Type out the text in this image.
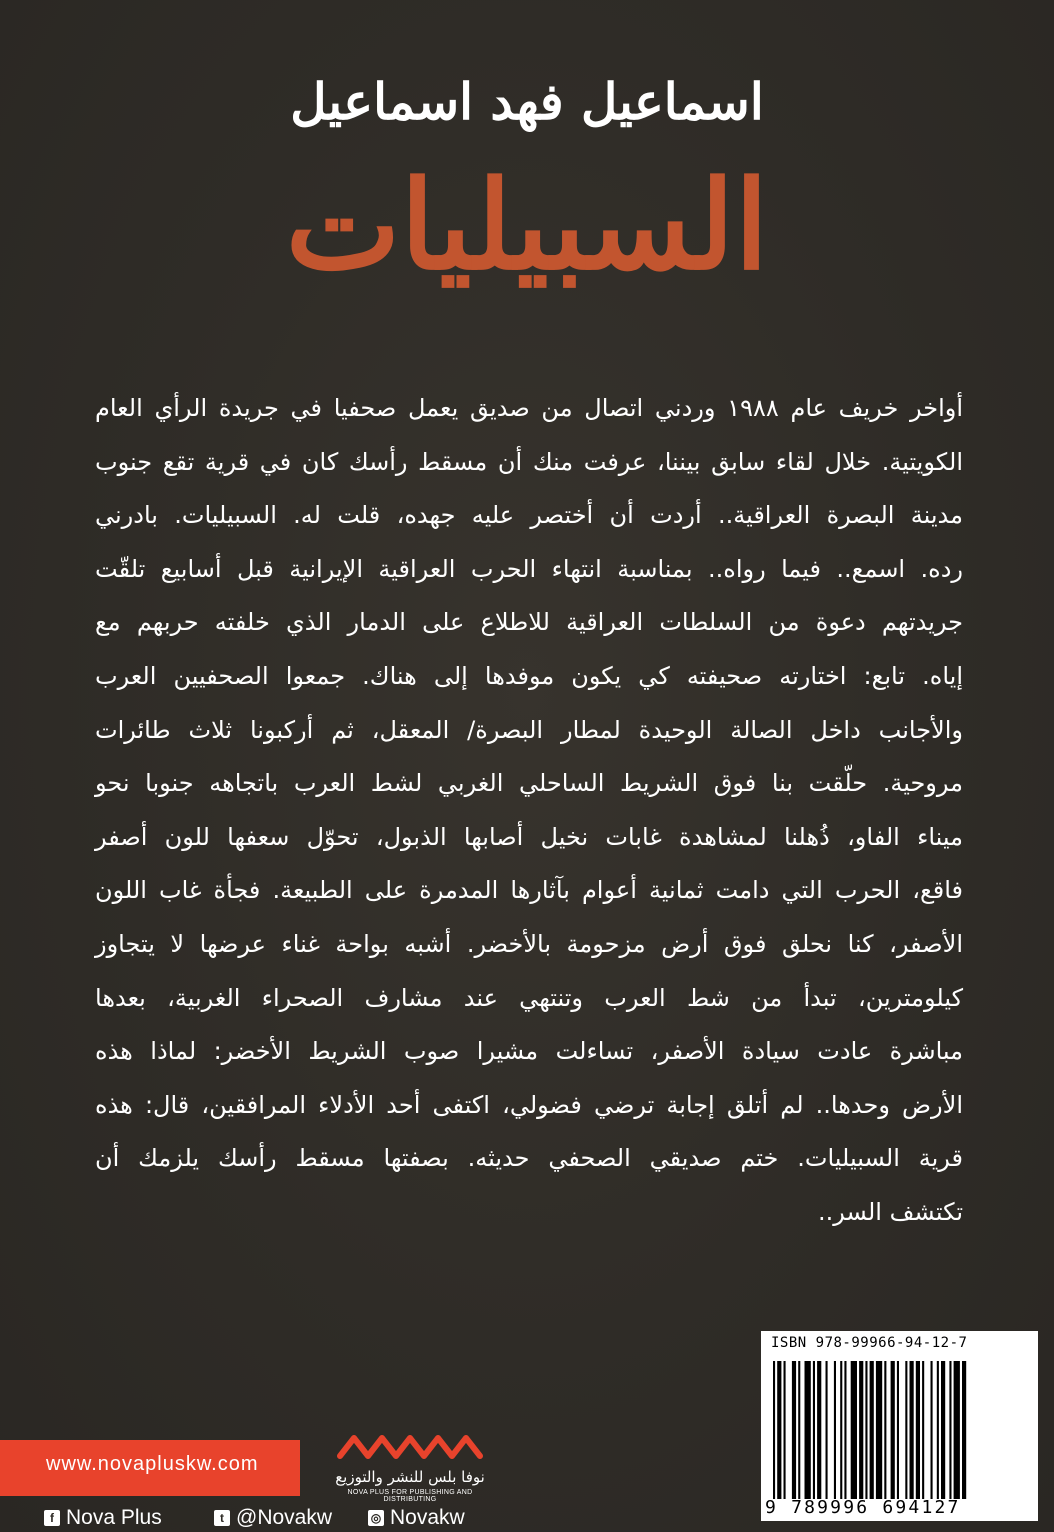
اسماعيل فهد اسماعيل
السبيليات
أواخر خريف عام ١٩٨٨ وردني اتصال من صديق يعمل صحفيا في جريدة الرأي العام
الكويتية. خلال لقاء سابق بيننا، عرفت منك أن مسقط رأسك كان في قرية تقع جنوب
مدينة البصرة العراقية.. أردت أن أختصر عليه جهده، قلت له. السبيليات. بادرني
رده. اسمع.. فيما رواه.. بمناسبة انتهاء الحرب العراقية الإيرانية قبل أسابيع تلقّت
جريدتهم دعوة من السلطات العراقية للاطلاع على الدمار الذي خلفته حربهم مع
إياه. تابع: اختارته صحيفته كي يكون موفدها إلى هناك. جمعوا الصحفيين العرب
والأجانب داخل الصالة الوحيدة لمطار البصرة/ المعقل، ثم أركبونا ثلاث طائرات
مروحية. حلّقت بنا فوق الشريط الساحلي الغربي لشط العرب باتجاهه جنوبا نحو
ميناء الفاو، ذُهلنا لمشاهدة غابات نخيل أصابها الذبول، تحوّل سعفها للون أصفر
فاقع، الحرب التي دامت ثمانية أعوام بآثارها المدمرة على الطبيعة. فجأة غاب اللون
الأصفر، كنا نحلق فوق أرض مزحومة بالأخضر. أشبه بواحة غناء عرضها لا يتجاوز
كيلومترين، تبدأ من شط العرب وتنتهي عند مشارف الصحراء الغربية، بعدها
مباشرة عادت سيادة الأصفر، تساءلت مشيرا صوب الشريط الأخضر: لماذا هذه
الأرض وحدها.. لم أتلق إجابة ترضي فضولي، اكتفى أحد الأدلاء المرافقين، قال: هذه
قرية السبيليات. ختم صديقي الصحفي حديثه. بصفتها مسقط رأسك يلزمك أن
تكتشف السر..
www.novapluskw.com
نوفا بلس للنشر والتوزيع
NOVA PLUS FOR PUBLISHING AND DISTRIBUTING
f Nova Plus	t @Novakw	◎ Novakw
ISBN 978-99966-94-12-7
9 789996 694127
